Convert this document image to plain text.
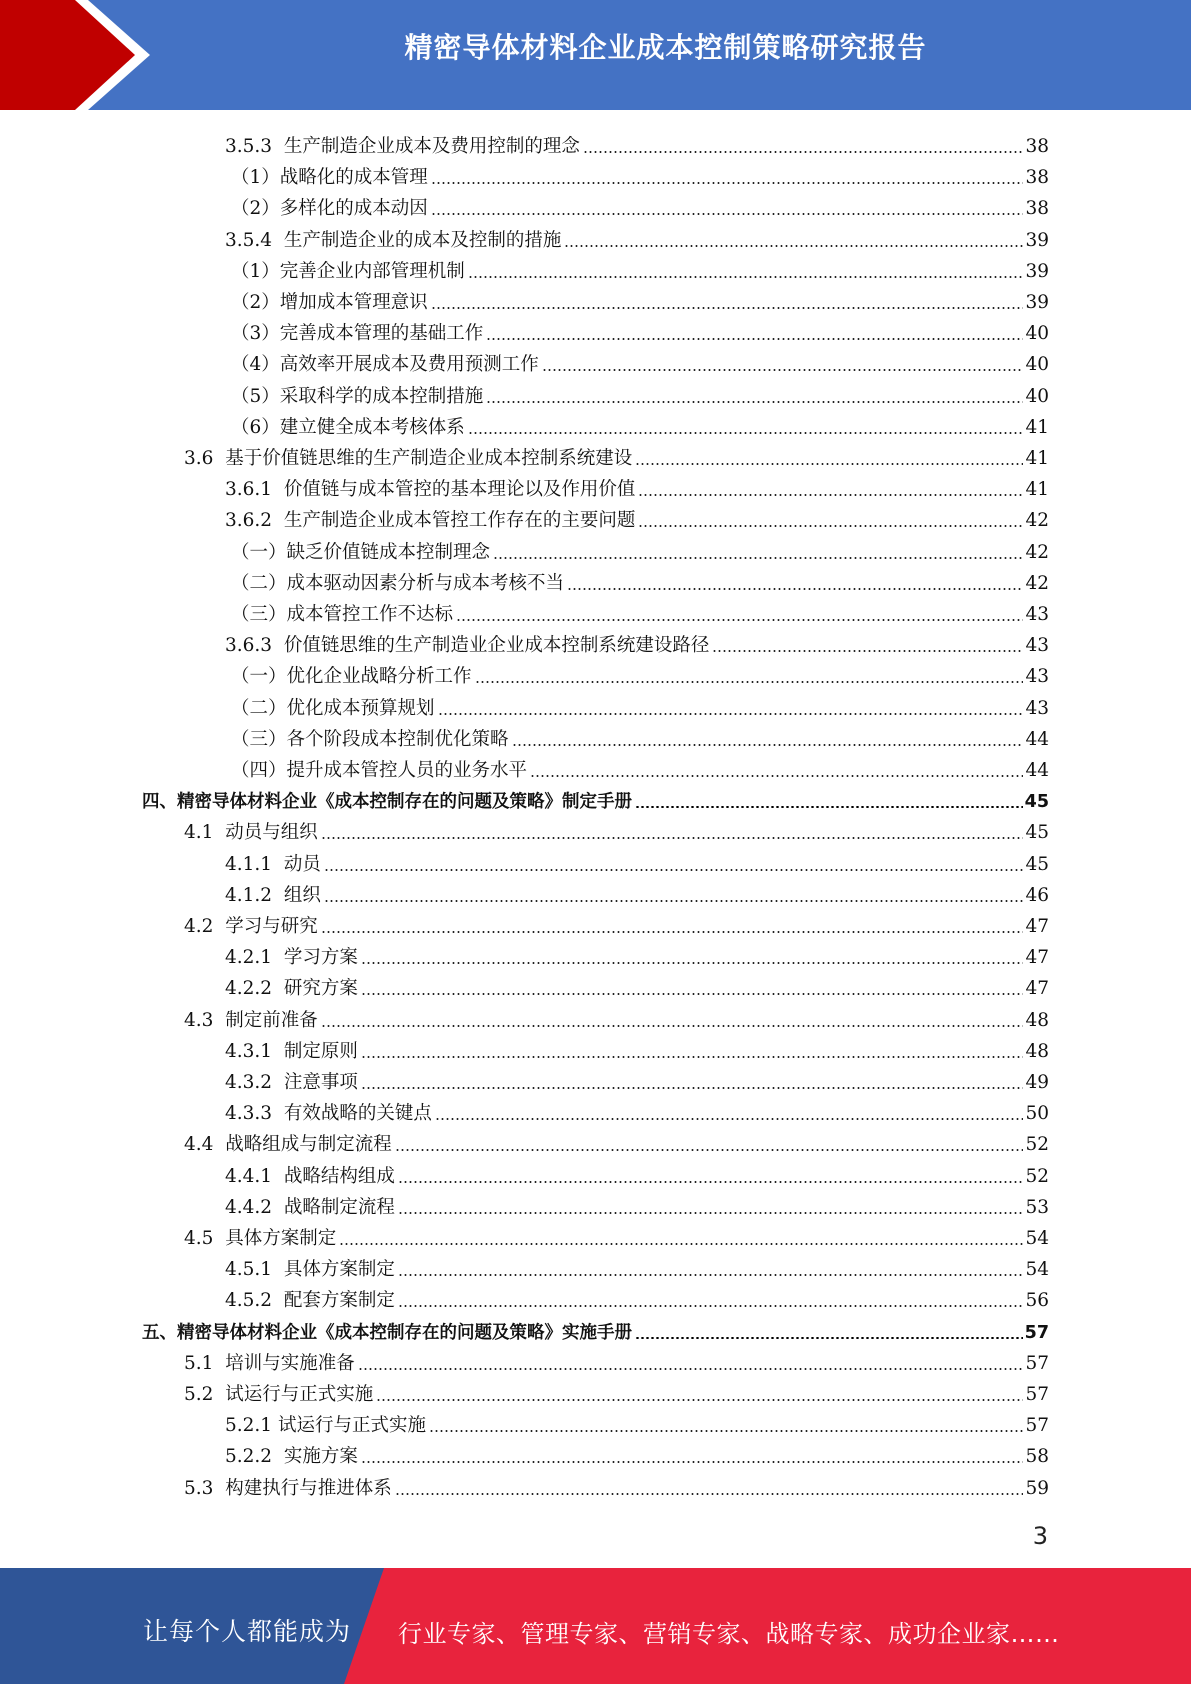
精密导体材料企业成本控制策略研究报告
3.5.3 生产制造企业成本及费用控制的理念	38
（1） 战略化的成本管理	38
（2） 多样化的成本动因	38
3.5.4 生产制造企业的成本及控制的措施	39
（1） 完善企业内部管理机制	39
（2） 增加成本管理意识	39
（3） 完善成本管理的基础工作	40
（4） 高效率开展成本及费用预测工作	40
（5） 采取科学的成本控制措施	40
（6） 建立健全成本考核体系	41
3.6 基于价值链思维的生产制造企业成本控制系统建设	41
3.6.1 价值链与成本管控的基本理论以及作用价值	41
3.6.2 生产制造企业成本管控工作存在的主要问题	42
（一） 缺乏价值链成本控制理念	42
（二） 成本驱动因素分析与成本考核不当	42
（三） 成本管控工作不达标	43
3.6.3 价值链思维的生产制造业企业成本控制系统建设路径	43
（一） 优化企业战略分析工作	43
（二） 优化成本预算规划	43
（三） 各个阶段成本控制优化策略	44
（四） 提升成本管控人员的业务水平	44
四、 精密导体材料企业《成本控制存在的问题及策略》制定手册	45
4.1 动员与组织	45
4.1.1 动员	45
4.1.2 组织	46
4.2 学习与研究	47
4.2.1 学习方案	47
4.2.2 研究方案	47
4.3 制定前准备	48
4.3.1 制定原则	48
4.3.2 注意事项	49
4.3.3 有效战略的关键点	50
4.4 战略组成与制定流程	52
4.4.1 战略结构组成	52
4.4.2 战略制定流程	53
4.5 具体方案制定	54
4.5.1 具体方案制定	54
4.5.2 配套方案制定	56
五、 精密导体材料企业《成本控制存在的问题及策略》实施手册	57
5.1 培训与实施准备	57
5.2 试运行与正式实施	57
5.2.1 试运行与正式实施	57
5.2.2 实施方案	58
5.3 构建执行与推进体系	59
3
让每个人都能成为 行业专家、管理专家、营销专家、战略专家、成功企业家……
